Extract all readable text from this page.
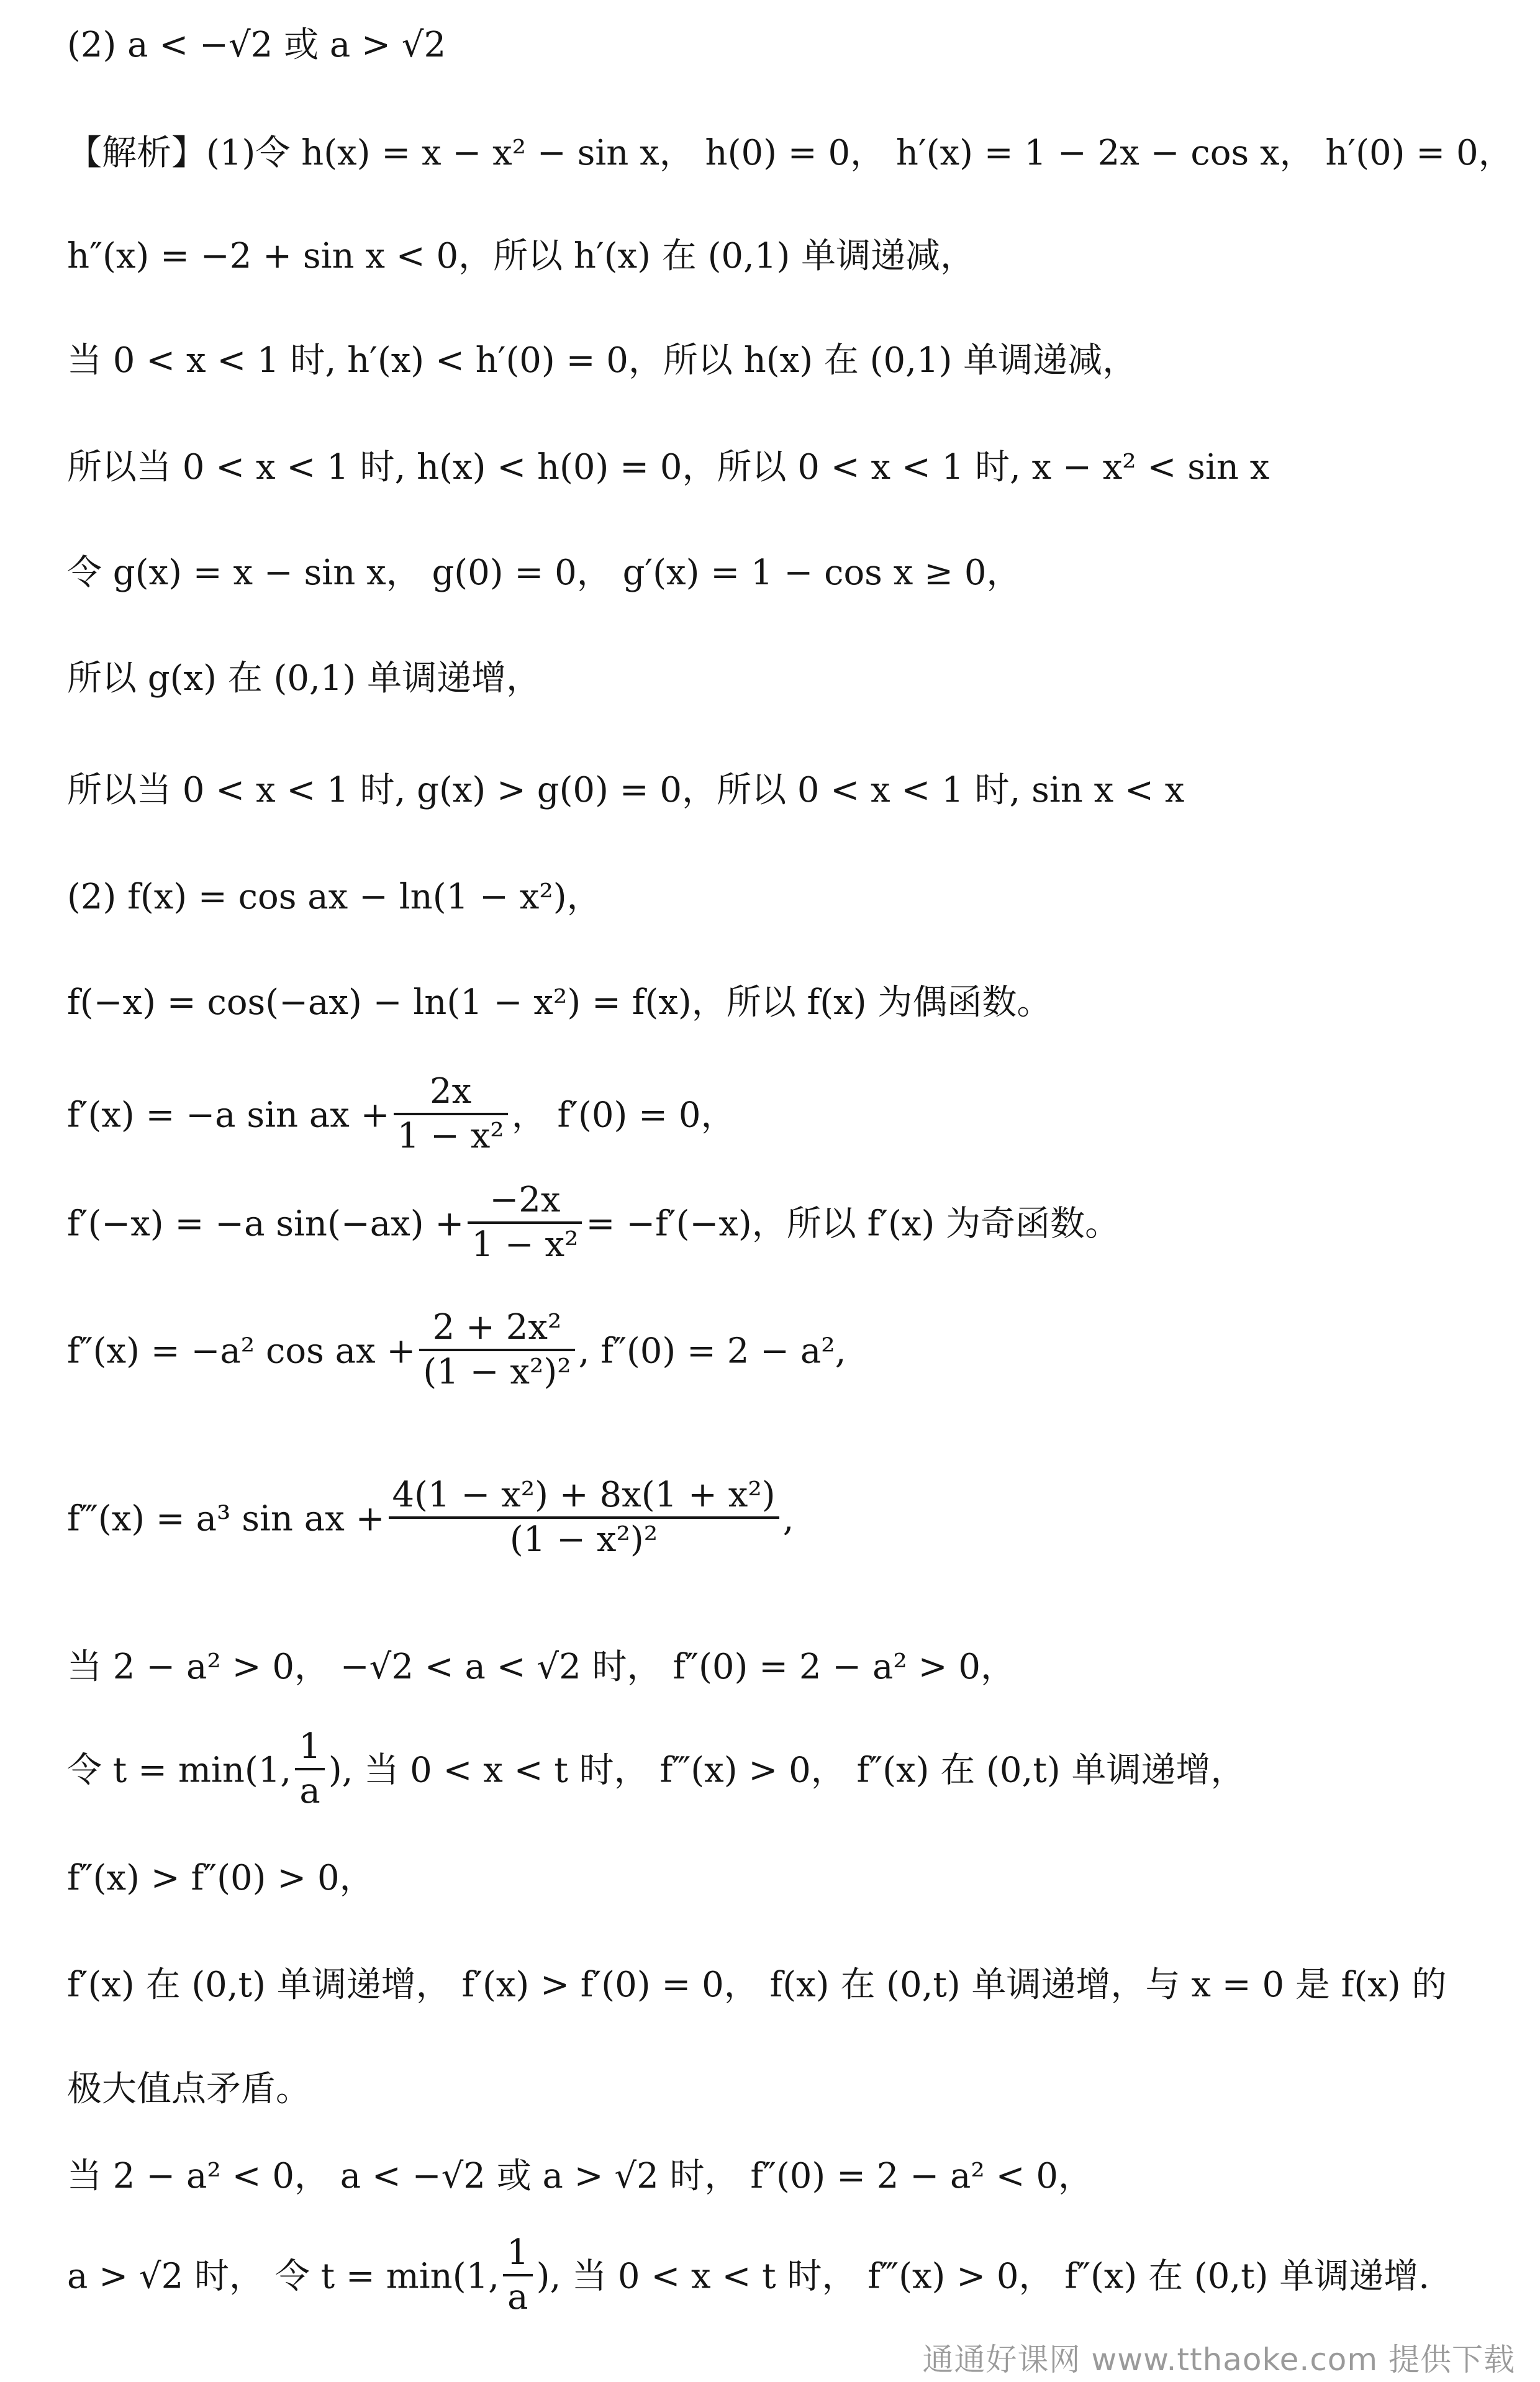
(2) a < −√2 或 a > √2
【解析】(1)令 h(x) = x − x² − sin x， h(0) = 0， h′(x) = 1 − 2x − cos x， h′(0) = 0，
h″(x) = −2 + sin x < 0，所以 h′(x) 在 (0,1) 单调递减，
当 0 < x < 1 时, h′(x) < h′(0) = 0，所以 h(x) 在 (0,1) 单调递减，
所以当 0 < x < 1 时, h(x) < h(0) = 0，所以 0 < x < 1 时, x − x² < sin x
令 g(x) = x − sin x， g(0) = 0， g′(x) = 1 − cos x ≥ 0，
所以 g(x) 在 (0,1) 单调递增，
所以当 0 < x < 1 时, g(x) > g(0) = 0，所以 0 < x < 1 时, sin x < x
(2) f(x) = cos ax − ln(1 − x²)，
f(−x) = cos(−ax) − ln(1 − x²) = f(x)，所以 f(x) 为偶函数。
f′(x) = −a sin ax + $\frac{2x}{\text{1 − x²}}$ ， f′(0) = 0，
f′(−x) = −a $\sin(-ax) + \frac{-2x}{\text{1 − x²}} = -f'(-x)$，所以 f′(x) 为奇函数。
f″(x) = −a² cos ax + $\frac{\text{2 + 2x²}}{\text{(1 − x²)²}}$ , f″(0) = 2 − a²,
f‴(x) = a³ sin ax + $\frac{\text{4(1 − x²) + 8x(1 + x²)}}{\text{(1 − x²)²}}$ ,
当 2 − a² > 0， −√2 < a < √2 时， f″(0) = 2 − a² > 0，
令 t = min(1, $\frac{1}{a}$ ), 当 0 < x < t 时， f‴(x) > 0， f″(x) 在 (0,t) 单调递增，
f″(x) > f″(0) > 0，
f′(x) 在 (0,t) 单调递增， f′(x) > f′(0) = 0， f(x) 在 (0,t) 单调递增，与 x = 0 是 f(x) 的
极大值点矛盾。
当 2 − a² < 0， a < −√2 或 a > √2 时， f″(0) = 2 − a² < 0，
a > √2 时， 令 t = min(1, $\frac{1}{a}$ ), 当 0 < x < t 时， f‴(x) > 0， f″(x) 在 (0,t) 单调递增.
通通好课网 www.tthaoke.com 提供下载
